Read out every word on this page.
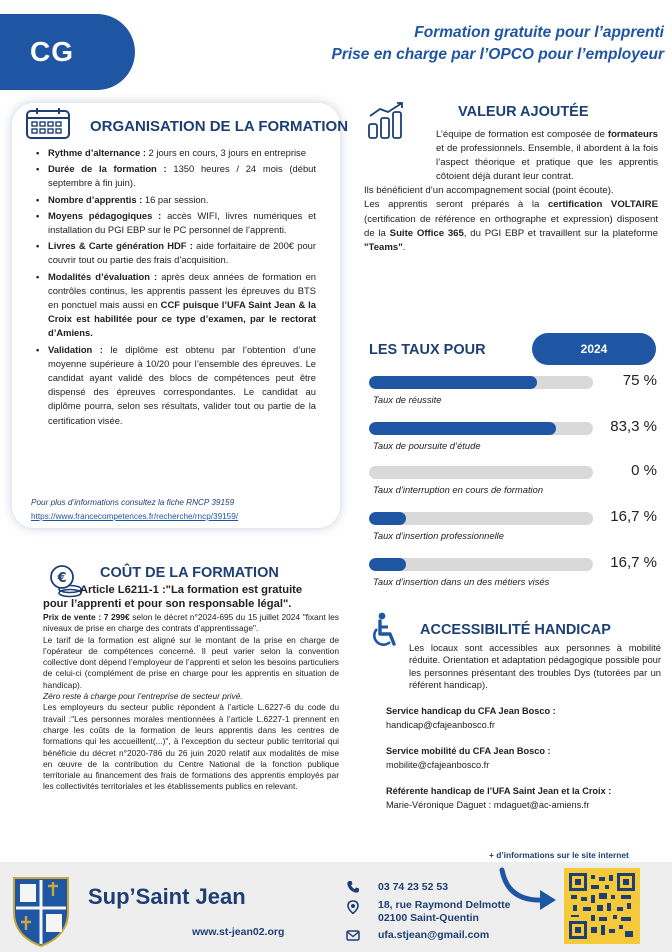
CG
Formation gratuite pour l’apprenti
Prise en charge par l’OPCO pour l’employeur
ORGANISATION DE LA FORMATION
• Rythme d’alternance : 2 jours en cours, 3 jours en entreprise
• Durée de la formation : 1350 heures / 24 mois (début septembre à fin juin).
• Nombre d’apprentis : 16 par session.
• Moyens pédagogiques : accès WIFI, livres numériques et installation du PGI EBP sur le PC personnel de l’apprenti.
• Livres & Carte génération HDF : aide forfaitaire de 200€ pour couvrir tout ou partie des frais d’acquisition.
• Modalités d’évaluation : après deux années de formation en contrôles continus, les apprentis passent les épreuves du BTS en ponctuel mais aussi en CCF puisque l’UFA Saint Jean & la Croix est habilitée pour ce type d’examen, par le rectorat d’Amiens.
• Validation : le diplôme est obtenu par l’obtention d’une moyenne supérieure à 10/20 pour l’ensemble des épreuves. Le candidat ayant validé des blocs de compétences peut être dispensé des épreuves correspondantes. Le candidat au diplôme pourra, selon ses résultats, valider tout ou partie de la certification visée.
Pour plus d’informations consultez la fiche RNCP 39159
https://www.francecompetences.fr/recherche/rncp/39159/
€ COÛT DE LA FORMATION
Article L6211-1 :"La formation est gratuite
pour l’apprenti et pour son responsable légal".
Prix de vente : 7 299€ selon le décret n°2024-695 du 15 juillet 2024 "fixant les niveaux de prise en charge des contrats d’apprentissage".
Le tarif de la formation est aligné sur le montant de la prise en charge de l’opérateur de compétences concerné. Il peut varier selon la convention collective dont dépend l’employeur de l’apprenti et selon les besoins particuliers de celui-ci (complément de prise en charge pour les apprentis en situation de handicap).
Zéro reste à charge pour l’entreprise de secteur privé.
Les employeurs du secteur public répondent à l’article L.6227-6 du code du travail :"Les personnes morales mentionnées à l’article L.6227-1 prennent en charge les coûts de la formation de leurs apprentis dans les centres de formations qui les accueillent(...)", à l’exception du secteur public territorial qui bénéficie du décret n°2020-786 du 26 juin 2020 relatif aux modalités de mise en œuvre de la contribution du Centre National de la fonction publique territoriale au financement des frais de formations des apprentis employés par les collectivités territoriales et les établissements publics en relevant.
VALEUR AJOUTÉE
L’équipe de formation est composée de formateurs et de professionnels. Ensemble, il abordent à la fois l’aspect théorique et pratique que les apprentis côtoient déjà durant leur contrat.
Ils bénéficient d’un accompagnement social (point écoute).
Les apprentis seront préparés à la certification VOLTAIRE (certification de référence en orthographe et expression) disposent de la Suite Office 365, du PGI EBP et travaillent sur la plateforme "Teams".
LES TAUX POUR	2024
75 %
Taux de réussite
83,3 %
Taux de poursuite d’étude
0 %
Taux d’interruption en cours de formation
16,7 %
Taux d’insertion professionnelle
16,7 %
Taux d’insertion dans un des métiers visés
ACCESSIBILITÉ HANDICAP
Les locaux sont accessibles aux personnes à mobilité réduite. Orientation et adaptation pédagogique possible pour les personnes présentant des troubles Dys (tutorées par un référent handicap).
Service handicap du CFA Jean Bosco :
handicap@cfajeanbosco.fr
Service mobilité du CFA Jean Bosco :
mobilite@cfajeanbosco.fr
Référente handicap de l’UFA Saint Jean et la Croix :
Marie-Véronique Daguet : mdaguet@ac-amiens.fr
+ d’informations sur le site internet
Sup’Saint Jean
www.st-jean02.org
03 74 23 52 53
18, rue Raymond Delmotte
02100 Saint-Quentin
ufa.stjean@gmail.com
